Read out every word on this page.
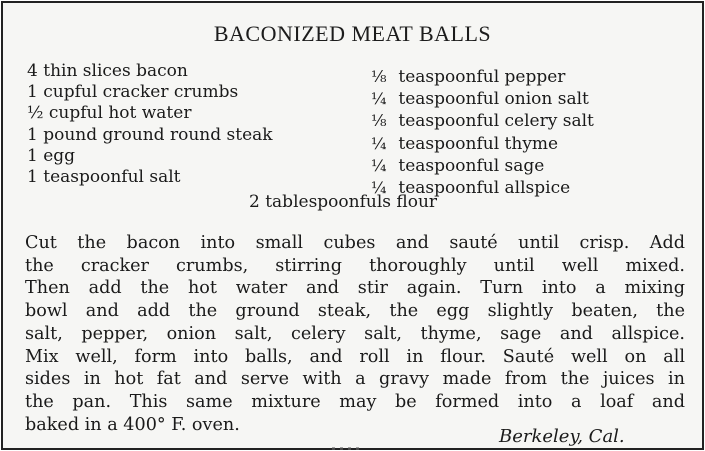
BACONIZED MEAT BALLS
4 thin slices bacon
1 cupful cracker crumbs
½ cupful hot water
1 pound ground round steak
1 egg
1 teaspoonful salt
⅛ teaspoonful pepper
¼ teaspoonful onion salt
⅛ teaspoonful celery salt
¼ teaspoonful thyme
¼ teaspoonful sage
¼ teaspoonful allspice
2 tablespoonfuls flour
Cut the bacon into small cubes and sauté until crisp. Add
the cracker crumbs, stirring thoroughly until well mixed.
Then add the hot water and stir again. Turn into a mixing
bowl and add the ground steak, the egg slightly beaten, the
salt, pepper, onion salt, celery salt, thyme, sage and allspice.
Mix well, form into balls, and roll in flour. Sauté well on all
sides in hot fat and serve with a gravy made from the juices in
the pan. This same mixture may be formed into a loaf and
baked in a 400° F. oven.
Berkeley, Cal.
